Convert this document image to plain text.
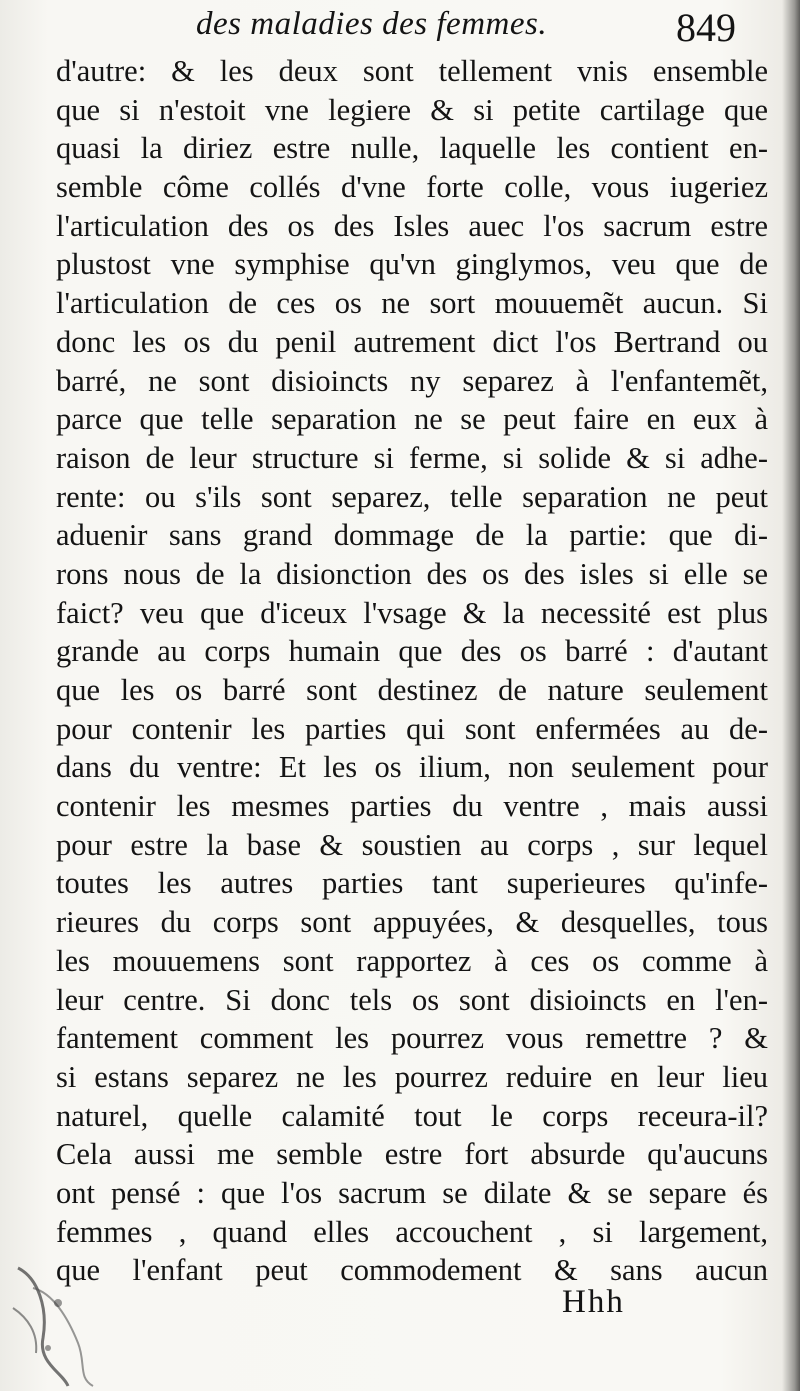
des maladies des femmes.	849
d'autre: & les deux sont tellement vnis ensemble
que si n'estoit vne legiere & si petite cartilage que
quasi la diriez estre nulle, laquelle les contient en-
semble côme collés d'vne forte colle, vous iugeriez
l'articulation des os des Isles auec l'os sacrum estre
plustost vne symphise qu'vn ginglymos, veu que de
l'articulation de ces os ne sort mouuemẽt aucun. Si
donc les os du penil autrement dict l'os Bertrand ou
barré, ne sont disioincts ny separez à l'enfantemẽt,
parce que telle separation ne se peut faire en eux à
raison de leur structure si ferme, si solide & si adhe-
rente: ou s'ils sont separez, telle separation ne peut
aduenir sans grand dommage de la partie: que di-
rons nous de la disionction des os des isles si elle se
faict? veu que d'iceux l'vsage & la necessité est plus
grande au corps humain que des os barré : d'autant
que les os barré sont destinez de nature seulement
pour contenir les parties qui sont enfermées au de-
dans du ventre: Et les os ilium, non seulement pour
contenir les mesmes parties du ventre , mais aussi
pour estre la base & soustien au corps , sur lequel
toutes les autres parties tant superieures qu'infe-
rieures du corps sont appuyées, & desquelles, tous
les mouuemens sont rapportez à ces os comme à
leur centre. Si donc tels os sont disioincts en l'en-
fantement comment les pourrez vous remettre ? &
si estans separez ne les pourrez reduire en leur lieu
naturel, quelle calamité tout le corps receura-il?
Cela aussi me semble estre fort absurde qu'aucuns
ont pensé : que l'os sacrum se dilate & se separe és
femmes , quand elles accouchent , si largement,
que l'enfant peut commodement & sans aucun
Hhh
